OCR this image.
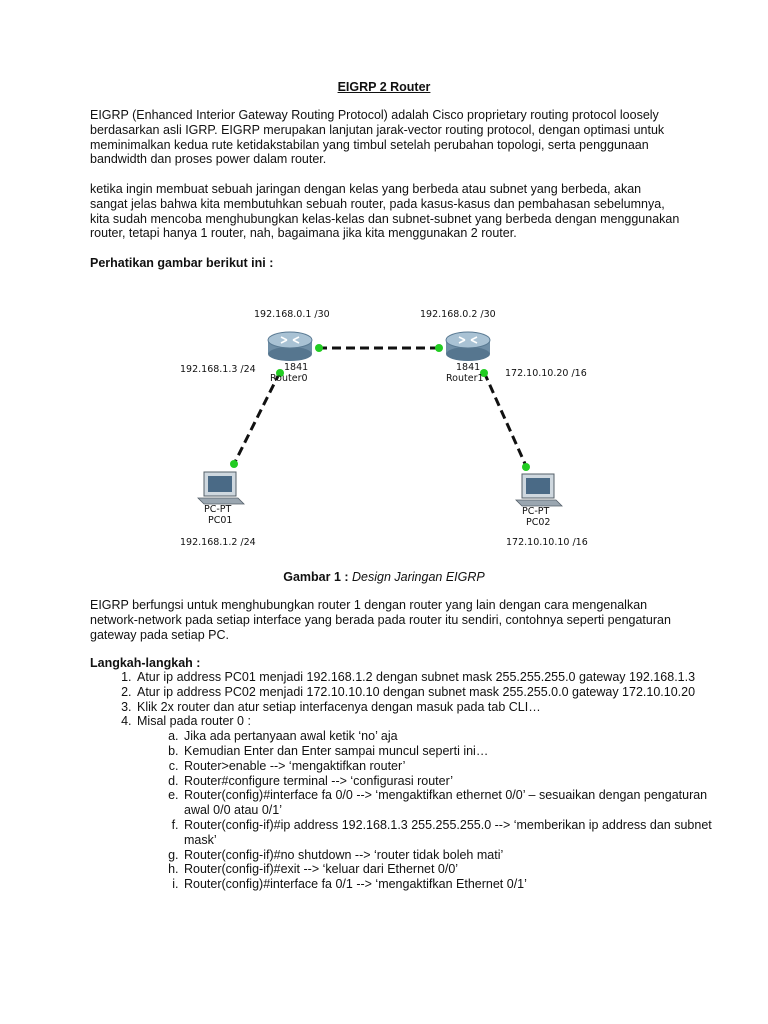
EIGRP 2 Router

EIGRP (Enhanced Interior Gateway Routing Protocol) adalah Cisco proprietary routing protocol loosely berdasarkan asli IGRP. EIGRP merupakan lanjutan jarak-vector routing protocol, dengan optimasi untuk meminimalkan kedua rute ketidakstabilan yang timbul setelah perubahan topologi, serta penggunaan bandwidth dan proses power dalam router.

ketika ingin membuat sebuah jaringan dengan kelas yang berbeda atau subnet yang berbeda, akan sangat jelas bahwa kita membutuhkan sebuah router, pada kasus-kasus dan pembahasan sebelumnya, kita sudah mencoba menghubungkan kelas-kelas dan subnet-subnet yang berbeda dengan menggunakan router, tetapi hanya 1 router, nah, bagaimana jika kita menggunakan 2 router.

Perhatikan gambar berikut ini :

192.168.0.1 /30	192.168.0.2 /30
192.168.1.3 /24	172.10.10.20 /16
1841
Router0
1841
Router1
PC-PT
PC01
192.168.1.2 /24
PC-PT
PC02
172.10.10.10 /16
Gambar 1 : Design Jaringan EIGRP

EIGRP berfungsi untuk menghubungkan router 1 dengan router yang lain dengan cara mengenalkan network-network pada setiap interface yang berada pada router itu sendiri, contohnya seperti pengaturan gateway pada setiap PC.

Langkah-langkah :

1. Atur ip address PC01 menjadi 192.168.1.2 dengan subnet mask 255.255.255.0 gateway 192.168.1.3
2. Atur ip address PC02 menjadi 172.10.10.10 dengan subnet mask 255.255.0.0 gateway 172.10.10.20
3. Klik 2x router dan atur setiap interfacenya dengan masuk pada tab CLI…
4. Misal pada router 0 :
a. Jika ada pertanyaan awal ketik ‘no’ aja
b. Kemudian Enter dan Enter sampai muncul seperti ini…
c. Router>enable --> ‘mengaktifkan router’
d. Router#configure terminal --> ‘configurasi router’
e. Router(config)#interface fa 0/0 --> ‘mengaktifkan ethernet 0/0’ – sesuaikan dengan pengaturan awal 0/0 atau 0/1’
f. Router(config-if)#ip address 192.168.1.3 255.255.255.0 --> ‘memberikan ip address dan subnet mask’
g. Router(config-if)#no shutdown --> ‘router tidak boleh mati’
h. Router(config-if)#exit --> ‘keluar dari Ethernet 0/0’
i. Router(config)#interface fa 0/1 --> ‘mengaktifkan Ethernet 0/1’
